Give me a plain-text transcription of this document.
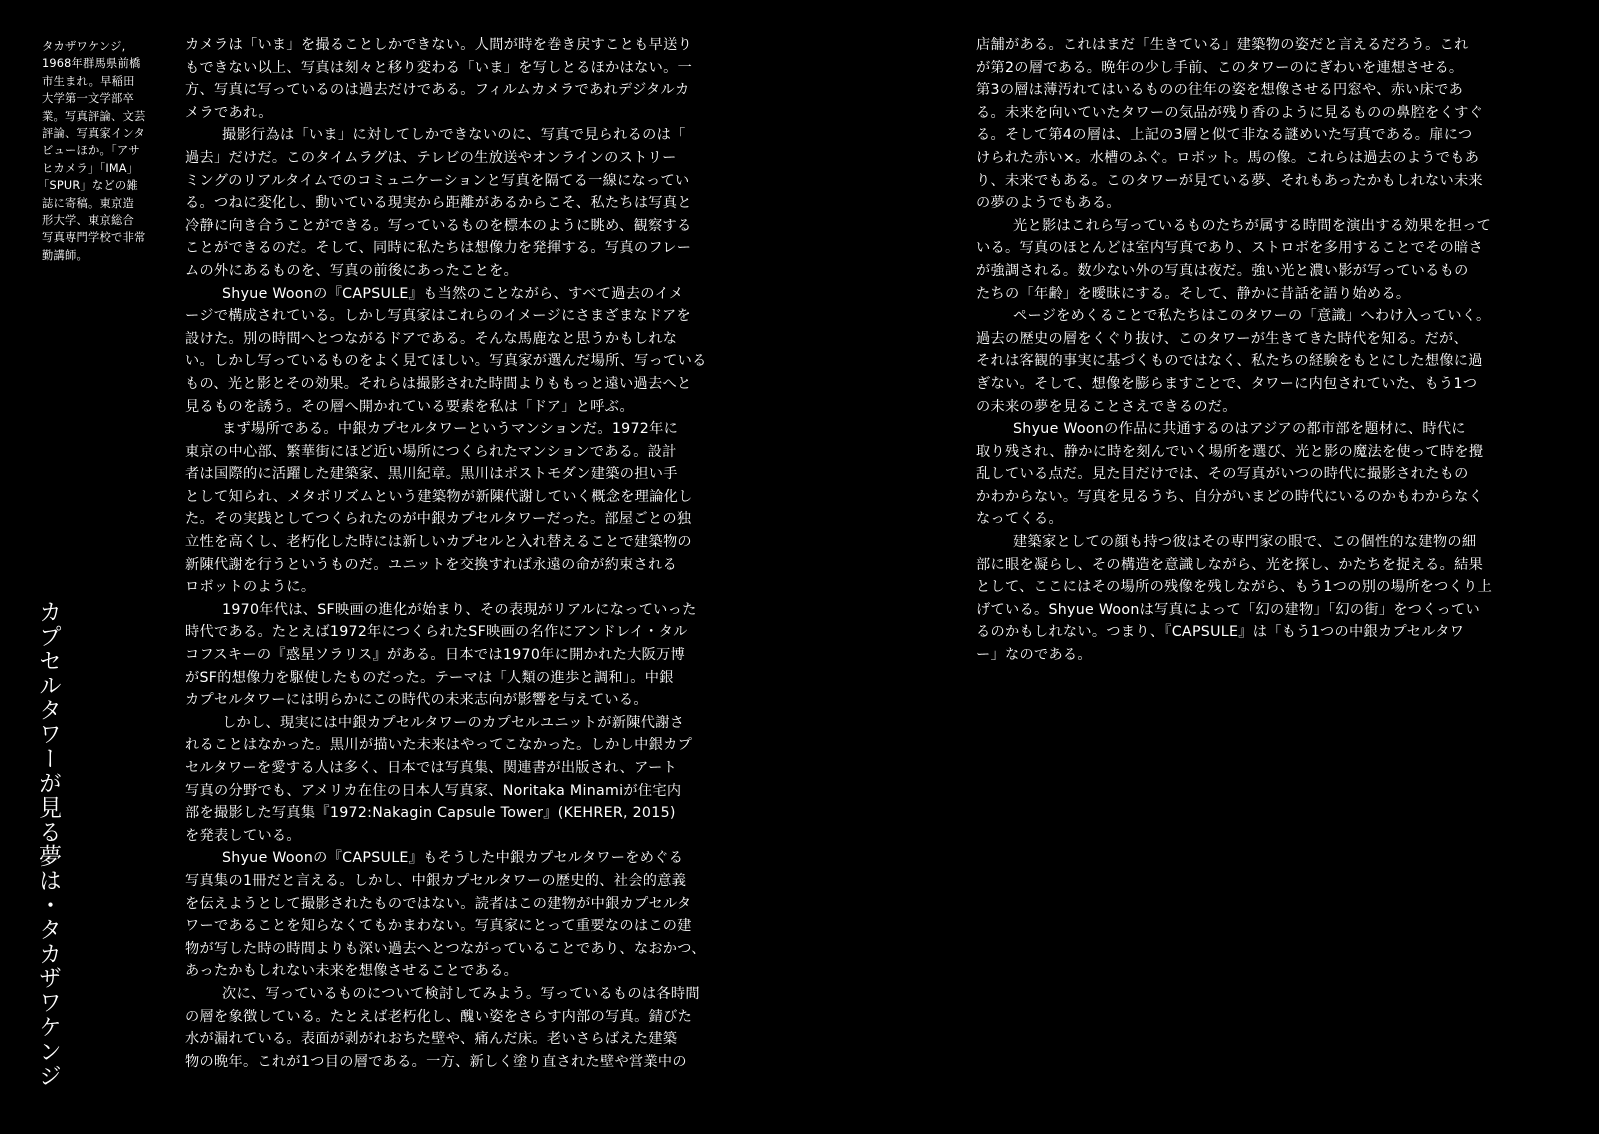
タカザワケンジ,
1968年群馬県前橋
市生まれ。早稲田
大学第一文学部卒
業。写真評論、文芸
評論、写真家インタ
ビューほか。「アサ
ヒカメラ」「IMA」
「SPUR」などの雑
誌に寄稿。東京造
形大学、東京総合
写真専門学校で非常
勤講師。
カプセルタワーが見る夢は・タカザワケンジ
カメラは「いま」を撮ることしかできない。人間が時を巻き戻すことも早送り
もできない以上、写真は刻々と移り変わる「いま」を写しとるほかはない。一
方、写真に写っているのは過去だけである。フィルムカメラであれデジタルカ
メラであれ。
撮影行為は「いま」に対してしかできないのに、写真で見られるのは「
過去」だけだ。このタイムラグは、テレビの生放送やオンラインのストリー
ミングのリアルタイムでのコミュニケーションと写真を隔てる一線になってい
る。つねに変化し、動いている現実から距離があるからこそ、私たちは写真と
冷静に向き合うことができる。写っているものを標本のように眺め、観察する
ことができるのだ。そして、同時に私たちは想像力を発揮する。写真のフレー
ムの外にあるものを、写真の前後にあったことを。
Shyue Woonの『CAPSULE』も当然のことながら、すべて過去のイメ
ージで構成されている。しかし写真家はこれらのイメージにさまざまなドアを
設けた。別の時間へとつながるドアである。そんな馬鹿なと思うかもしれな
い。しかし写っているものをよく見てほしい。写真家が選んだ場所、写っている
もの、光と影とその効果。それらは撮影された時間よりももっと遠い過去へと
見るものを誘う。その層へ開かれている要素を私は「ドア」と呼ぶ。
まず場所である。中銀カプセルタワーというマンションだ。1972年に
東京の中心部、繁華街にほど近い場所につくられたマンションである。設計
者は国際的に活躍した建築家、黒川紀章。黒川はポストモダン建築の担い手
として知られ、メタボリズムという建築物が新陳代謝していく概念を理論化し
た。その実践としてつくられたのが中銀カプセルタワーだった。部屋ごとの独
立性を高くし、老朽化した時には新しいカプセルと入れ替えることで建築物の
新陳代謝を行うというものだ。ユニットを交換すれば永遠の命が約束される
ロボットのように。
1970年代は、SF映画の進化が始まり、その表現がリアルになっていった
時代である。たとえば1972年につくられたSF映画の名作にアンドレイ・タル
コフスキーの『惑星ソラリス』がある。日本では1970年に開かれた大阪万博
がSF的想像力を駆使したものだった。テーマは「人類の進歩と調和」。中銀
カプセルタワーには明らかにこの時代の未来志向が影響を与えている。
しかし、現実には中銀カプセルタワーのカプセルユニットが新陳代謝さ
れることはなかった。黒川が描いた未来はやってこなかった。しかし中銀カプ
セルタワーを愛する人は多く、日本では写真集、関連書が出版され、アート
写真の分野でも、アメリカ在住の日本人写真家、Noritaka Minamiが住宅内
部を撮影した写真集『1972:Nakagin Capsule Tower』(KEHRER, 2015)
を発表している。
Shyue Woonの『CAPSULE』もそうした中銀カプセルタワーをめぐる
写真集の1冊だと言える。しかし、中銀カプセルタワーの歴史的、社会的意義
を伝えようとして撮影されたものではない。読者はこの建物が中銀カプセルタ
ワーであることを知らなくてもかまわない。写真家にとって重要なのはこの建
物が写した時の時間よりも深い過去へとつながっていることであり、なおかつ、
あったかもしれない未来を想像させることである。
次に、写っているものについて検討してみよう。写っているものは各時間
の層を象徴している。たとえば老朽化し、醜い姿をさらす内部の写真。錆びた
水が漏れている。表面が剥がれおちた壁や、痛んだ床。老いさらばえた建築
物の晩年。これが1つ目の層である。一方、新しく塗り直された壁や営業中の
店舗がある。これはまだ「生きている」建築物の姿だと言えるだろう。これ
が第2の層である。晩年の少し手前、このタワーのにぎわいを連想させる。
第3の層は薄汚れてはいるものの往年の姿を想像させる円窓や、赤い床であ
る。未来を向いていたタワーの気品が残り香のように見るものの鼻腔をくすぐ
る。そして第4の層は、上記の3層と似て非なる謎めいた写真である。扉につ
けられた赤い×。水槽のふぐ。ロボット。馬の像。これらは過去のようでもあ
り、未来でもある。このタワーが見ている夢、それもあったかもしれない未来
の夢のようでもある。
光と影はこれら写っているものたちが属する時間を演出する効果を担って
いる。写真のほとんどは室内写真であり、ストロボを多用することでその暗さ
が強調される。数少ない外の写真は夜だ。強い光と濃い影が写っているもの
たちの「年齢」を曖昧にする。そして、静かに昔話を語り始める。
ページをめくることで私たちはこのタワーの「意識」へわけ入っていく。
過去の歴史の層をくぐり抜け、このタワーが生きてきた時代を知る。だが、
それは客観的事実に基づくものではなく、私たちの経験をもとにした想像に過
ぎない。そして、想像を膨らますことで、タワーに内包されていた、もう1つ
の未来の夢を見ることさえできるのだ。
Shyue Woonの作品に共通するのはアジアの都市部を題材に、時代に
取り残され、静かに時を刻んでいく場所を選び、光と影の魔法を使って時を攪
乱している点だ。見た目だけでは、その写真がいつの時代に撮影されたもの
かわからない。写真を見るうち、自分がいまどの時代にいるのかもわからなく
なってくる。
建築家としての顔も持つ彼はその専門家の眼で、この個性的な建物の細
部に眼を凝らし、その構造を意識しながら、光を探し、かたちを捉える。結果
として、ここにはその場所の残像を残しながら、もう1つの別の場所をつくり上
げている。Shyue Woonは写真によって「幻の建物」「幻の街」をつくってい
るのかもしれない。つまり、『CAPSULE』は「もう1つの中銀カプセルタワ
ー」なのである。
